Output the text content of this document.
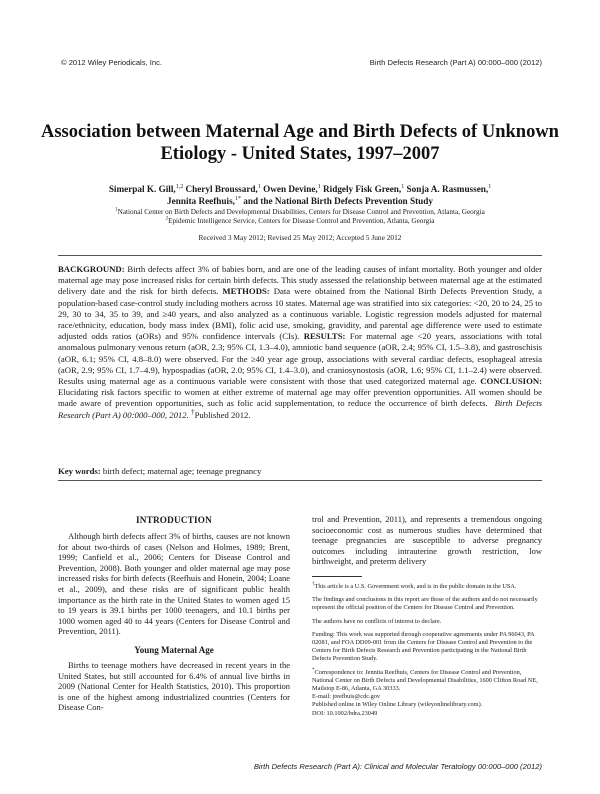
© 2012 Wiley Periodicals, Inc.	Birth Defects Research (Part A) 00:000–000 (2012)
Association between Maternal Age and Birth Defects of Unknown Etiology - United States, 1997–2007
Simerpal K. Gill,$^{1,2}$ Cheryl Broussard,$^1$ Owen Devine,$^1$ Ridgely Fisk Green,$^1$ Sonja A. Rasmussen,$^1$
Jennita Reefhuis,$^{1*}$ and the National Birth Defects Prevention Study
$^1$National Center on Birth Defects and Developmental Disabilities, Centers for Disease Control and Prevention, Atlanta, Georgia
$^2$Epidemic Intelligence Service, Centers for Disease Control and Prevention, Atlanta, Georgia
Received 3 May 2012; Revised 25 May 2012; Accepted 5 June 2012
BACKGROUND: Birth defects affect 3% of babies born, and are one of the leading causes of infant mortality. Both younger and older maternal age may pose increased risks for certain birth defects. This study assessed the relationship between maternal age at the estimated delivery date and the risk for birth defects. METHODS: Data were obtained from the National Birth Defects Prevention Study, a population-based case-control study including mothers across 10 states. Maternal age was stratified into six categories: <20, 20 to 24, 25 to 29, 30 to 34, 35 to 39, and ≥40 years, and also analyzed as a continuous variable. Logistic regression models adjusted for maternal race/ethnicity, education, body mass index (BMI), folic acid use, smoking, gravidity, and parental age difference were used to estimate adjusted odds ratios (aORs) and 95% confidence intervals (CIs). RESULTS: For maternal age <20 years, associations with total anomalous pulmonary venous return (aOR, 2.3; 95% CI, 1.3–4.0), amniotic band sequence (aOR, 2.4; 95% CI, 1.5–3.8), and gastroschisis (aOR, 6.1; 95% CI, 4.8–8.0) were observed. For the ≥40 year age group, associations with several cardiac defects, esophageal atresia (aOR, 2.9; 95% CI, 1.7–4.9), hypospadias (aOR, 2.0; 95% CI, 1.4–3.0), and craniosynostosis (aOR, 1.6; 95% CI, 1.1–2.4) were observed. Results using maternal age as a continuous variable were consistent with those that used categorized maternal age. CONCLUSION: Elucidating risk factors specific to women at either extreme of maternal age may offer prevention opportunities. All women should be made aware of prevention opportunities, such as folic acid supplementation, to reduce the occurrence of birth defects. Birth Defects Research (Part A) 00:000–000, 2012. †Published 2012.
Key words: birth defect; maternal age; teenage pregnancy
INTRODUCTION

Although birth defects affect 3% of births, causes are not known for about two-thirds of cases (Nelson and Holmes, 1989; Brent, 1999; Canfield et al., 2006; Centers for Disease Control and Prevention, 2008). Both younger and older maternal age may pose increased risks for birth defects (Reefhuis and Honein, 2004; Loane et al., 2009), and these risks are of significant public health importance as the birth rate in the United States to women aged 15 to 19 years is 39.1 births per 1000 teenagers, and 10.1 births per 1000 women aged 40 to 44 years (Centers for Disease Control and Prevention, 2011).

Young Maternal Age

Births to teenage mothers have decreased in recent years in the United States, but still accounted for 6.4% of annual live births in 2009 (National Center for Health Statistics, 2010). This proportion is one of the highest among industrialized countries (Centers for Disease Con-

trol and Prevention, 2011), and represents a tremendous ongoing socioeconomic cost as numerous studies have determined that teenage pregnancies are susceptible to adverse pregnancy outcomes including intrauterine growth restriction, low birthweight, and preterm delivery

†This article is a U.S. Government work, and is in the public domain in the USA.
The findings and conclusions in this report are those of the authors and do not necessarily represent the official position of the Centers for Disease Control and Prevention.
The authors have no conflicts of interest to declare.
Funding: This work was supported through cooperative agreements under PA 96043, PA 02081, and FOA DD09-001 from the Centers for Disease Control and Prevention to the Centers for Birth Defects Research and Prevention participating in the National Birth Defects Prevention Study.
*Correspondence to: Jennita Reefhuis, Centers for Disease Control and Prevention, National Center on Birth Defects and Developmental Disabilities, 1600 Clifton Road NE, Mailstop E-86, Atlanta, GA 30333.
E-mail: jreefhuis@cdc.gov
Published online in Wiley Online Library (wileyonlinelibrary.com).
DOI: 10.1002/bdra.23049
Birth Defects Research (Part A): Clinical and Molecular Teratology 00:000–000 (2012)
